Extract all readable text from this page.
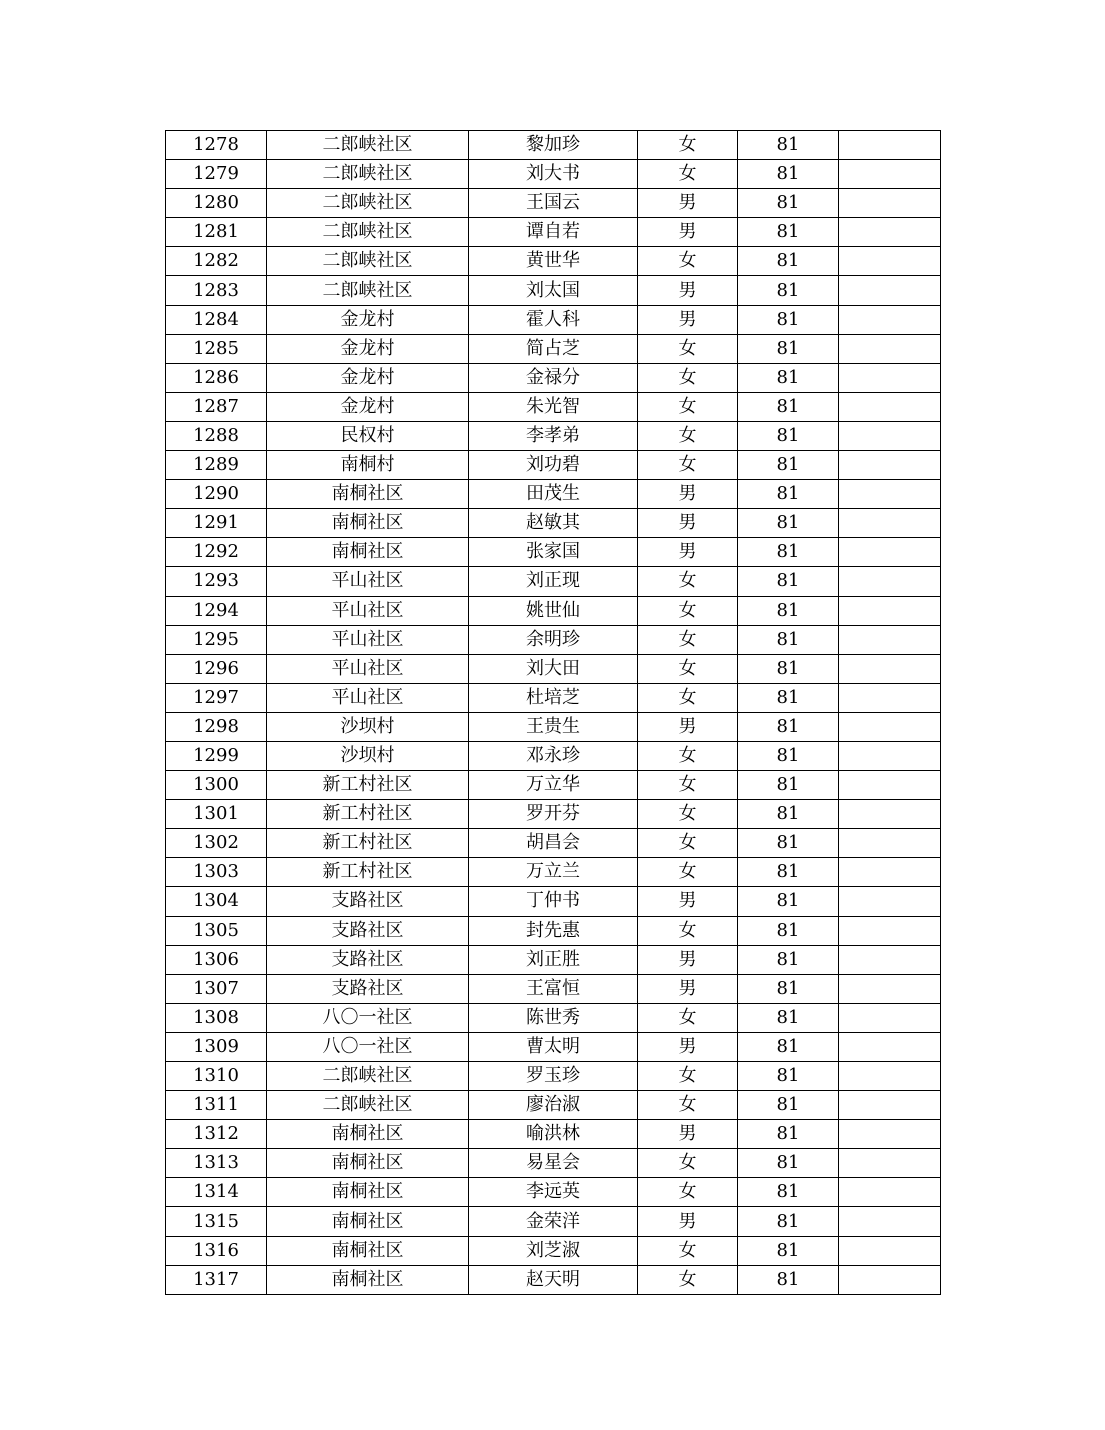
1278	二郎峡社区	黎加珍	女	81	
1279	二郎峡社区	刘大书	女	81	
1280	二郎峡社区	王国云	男	81	
1281	二郎峡社区	谭自若	男	81	
1282	二郎峡社区	黄世华	女	81	
1283	二郎峡社区	刘太国	男	81	
1284	金龙村	霍人科	男	81	
1285	金龙村	简占芝	女	81	
1286	金龙村	金禄分	女	81	
1287	金龙村	朱光智	女	81	
1288	民权村	李孝弟	女	81	
1289	南桐村	刘功碧	女	81	
1290	南桐社区	田茂生	男	81	
1291	南桐社区	赵敏其	男	81	
1292	南桐社区	张家国	男	81	
1293	平山社区	刘正现	女	81	
1294	平山社区	姚世仙	女	81	
1295	平山社区	余明珍	女	81	
1296	平山社区	刘大田	女	81	
1297	平山社区	杜培芝	女	81	
1298	沙坝村	王贵生	男	81	
1299	沙坝村	邓永珍	女	81	
1300	新工村社区	万立华	女	81	
1301	新工村社区	罗开芬	女	81	
1302	新工村社区	胡昌会	女	81	
1303	新工村社区	万立兰	女	81	
1304	支路社区	丁仲书	男	81	
1305	支路社区	封先惠	女	81	
1306	支路社区	刘正胜	男	81	
1307	支路社区	王富恒	男	81	
1308	八〇一社区	陈世秀	女	81	
1309	八〇一社区	曹太明	男	81	
1310	二郎峡社区	罗玉珍	女	81	
1311	二郎峡社区	廖治淑	女	81	
1312	南桐社区	喻洪林	男	81	
1313	南桐社区	易星会	女	81	
1314	南桐社区	李远英	女	81	
1315	南桐社区	金荣洋	男	81	
1316	南桐社区	刘芝淑	女	81	
1317	南桐社区	赵天明	女	81	
